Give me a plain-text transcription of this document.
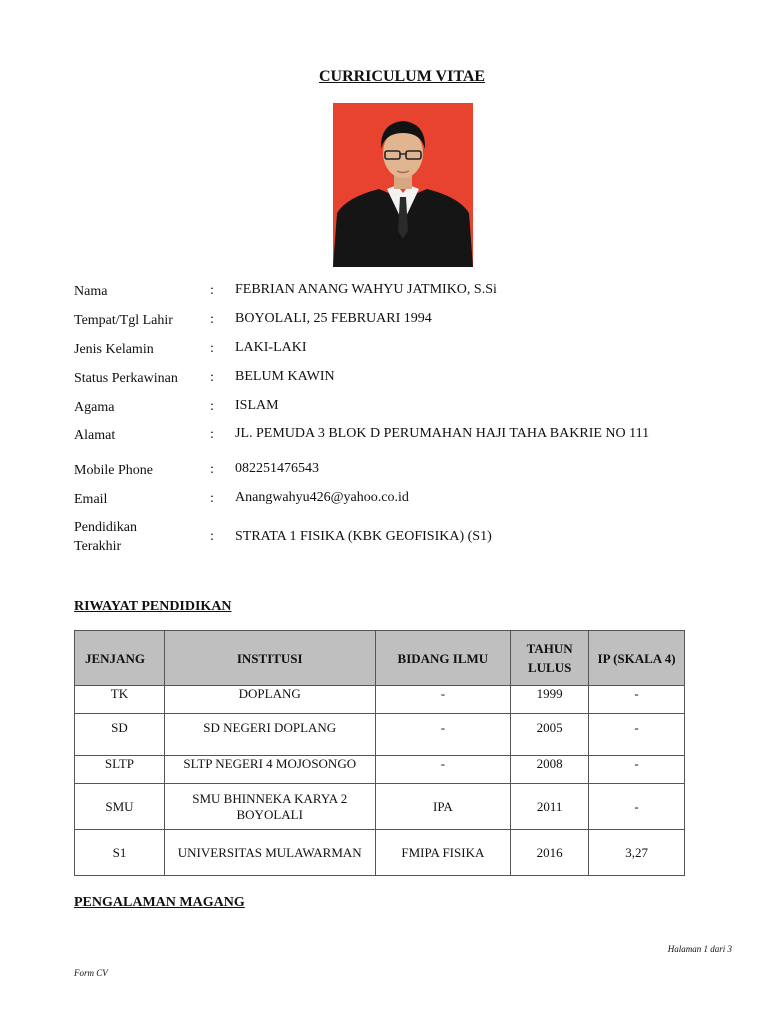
CURRICULUM VITAE
Nama	: FEBRIAN ANANG WAHYU JATMIKO, S.Si
Tempat/Tgl Lahir	: BOYOLALI, 25 FEBRUARI 1994
Jenis Kelamin	: LAKI-LAKI
Status Perkawinan	: BELUM KAWIN
Agama	: ISLAM
Alamat	: JL. PEMUDA 3 BLOK D PERUMAHAN HAJI TAHA BAKRIE NO 111
Mobile Phone	: 082251476543
Email	: Anangwahyu426@yahoo.co.id
Pendidikan Terakhir
: STRATA 1 FISIKA (KBK GEOFISIKA) (S1)
RIWAYAT PENDIDIKAN
JENJANG	INSTITUSI	BIDANG ILMU	TAHUN LULUS	IP (SKALA 4)
TK	DOPLANG	-	1999	-
SD	SD NEGERI DOPLANG	-	2005	-
SLTP	SLTP NEGERI 4 MOJOSONGO	-	2008	-
SMU	SMU BHINNEKA KARYA 2 BOYOLALI	IPA	2011	-
S1	UNIVERSITAS MULAWARMAN	FMIPA FISIKA	2016	3,27
PENGALAMAN MAGANG
Halaman 1 dari 3
Form CV
